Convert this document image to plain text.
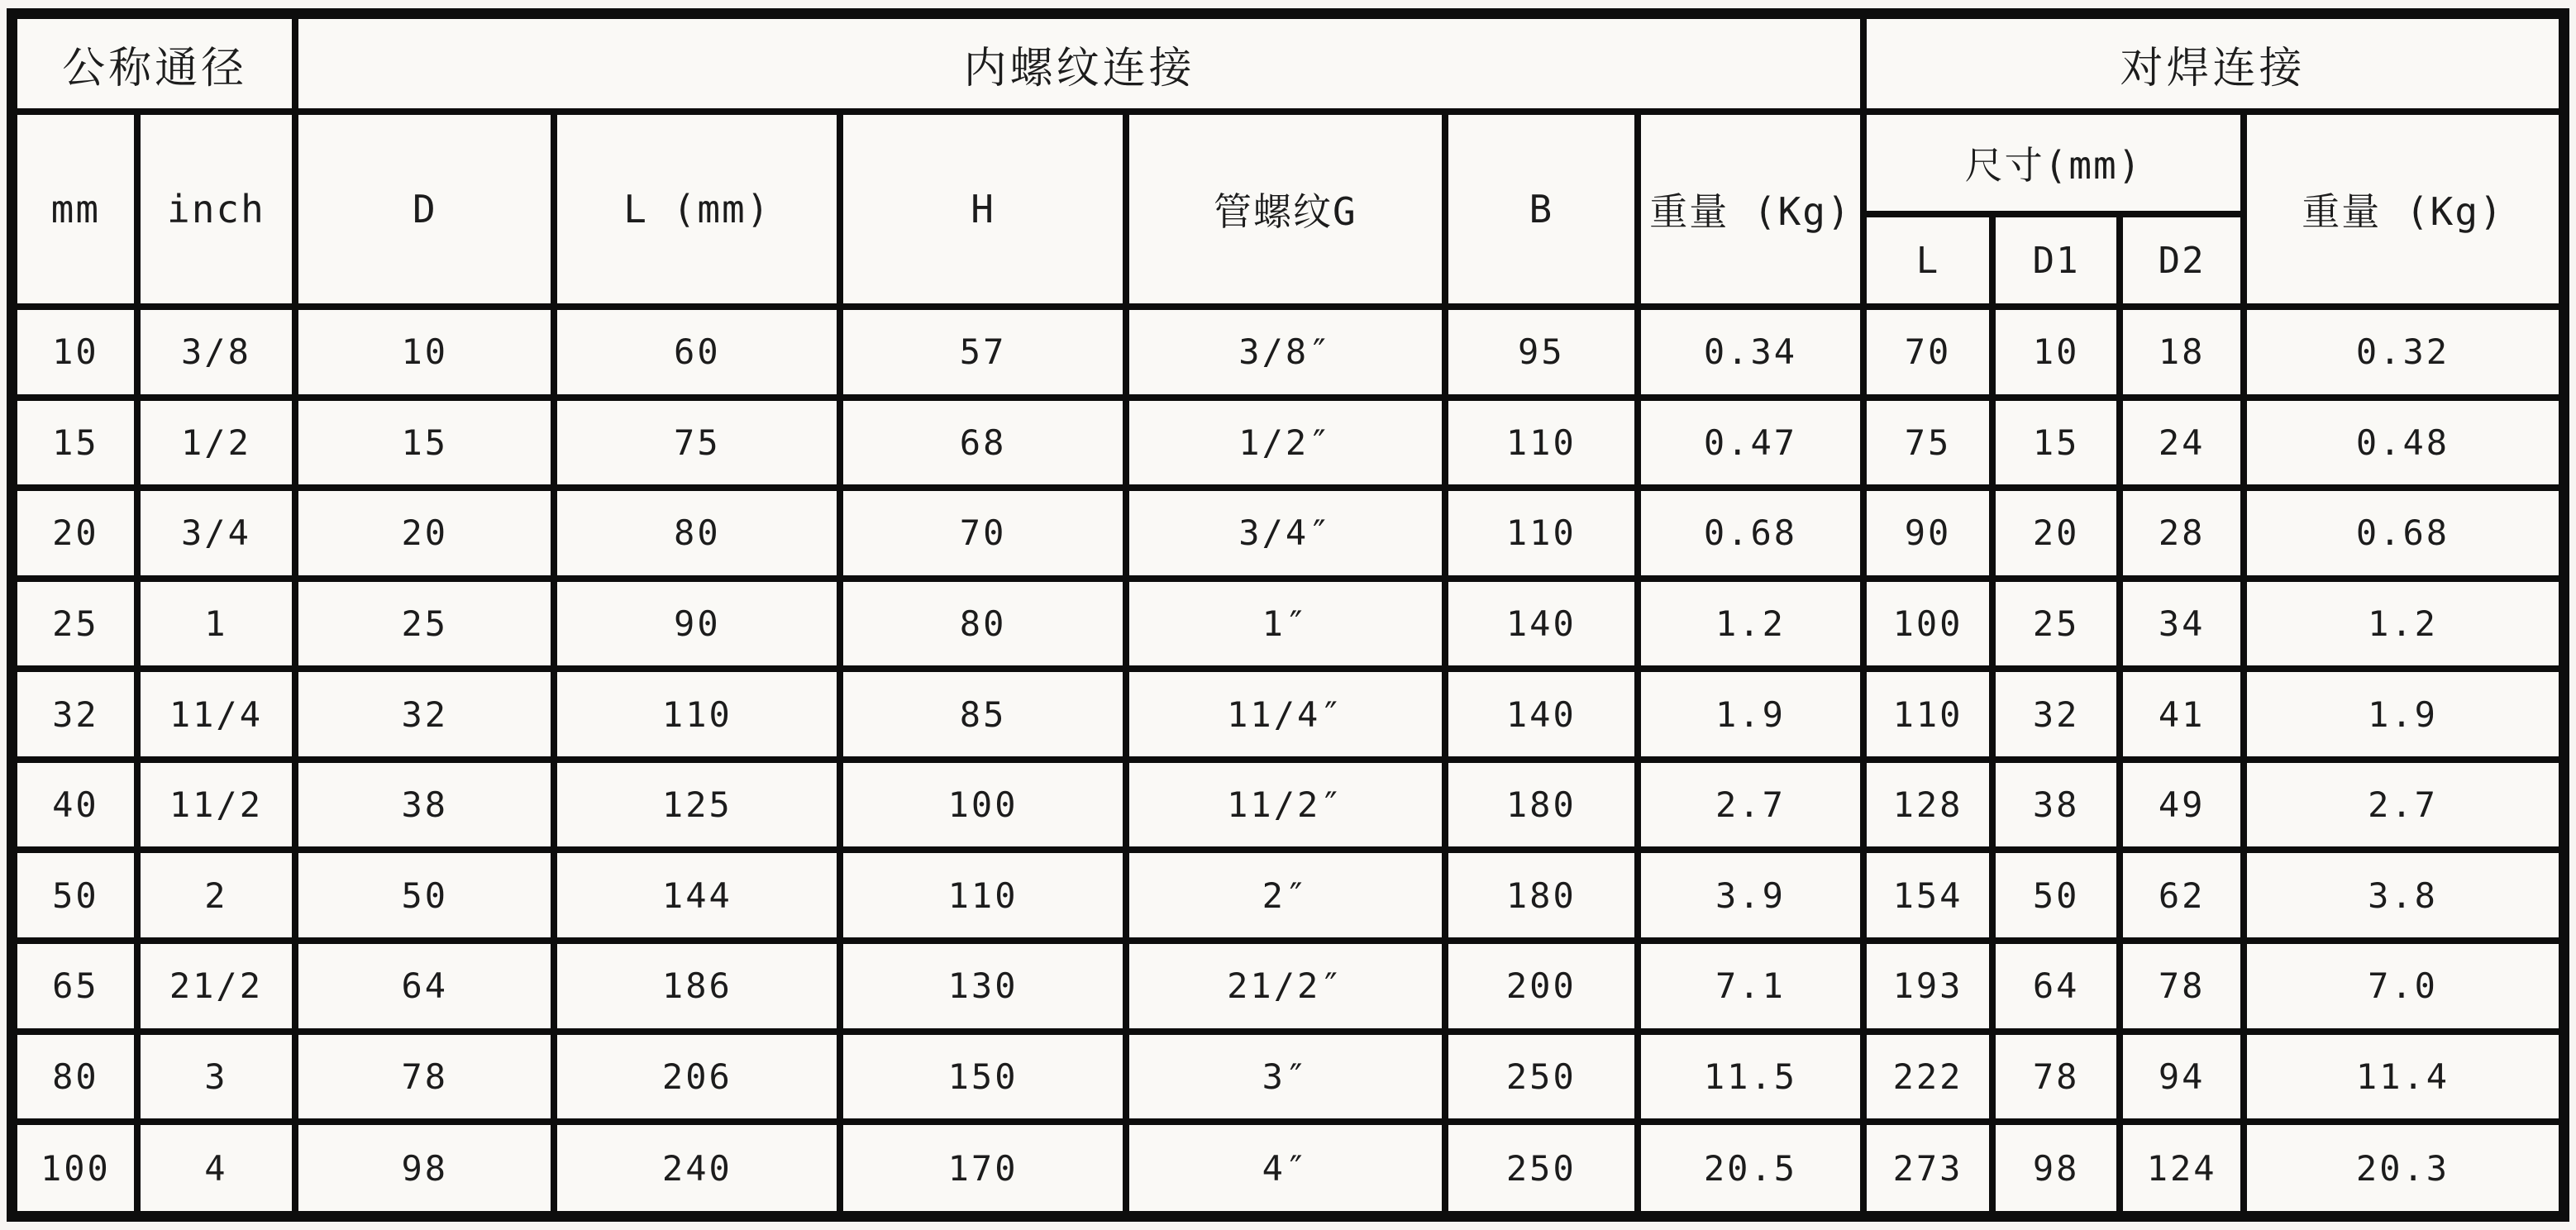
公称通径		内螺纹连接						对焊连接			
mm	inch	D	L (mm)	H	管螺纹G	B	重量 (Kg)	尺寸(mm)			重量 (Kg)
								L	D1	D2	
10	3/8	10	60	57	3/8″	95	0.34	70	10	18	0.32
15	1/2	15	75	68	1/2″	110	0.47	75	15	24	0.48
20	3/4	20	80	70	3/4″	110	0.68	90	20	28	0.68
25	1	25	90	80	1″	140	1.2	100	25	34	1.2
32	11/4	32	110	85	11/4″	140	1.9	110	32	41	1.9
40	11/2	38	125	100	11/2″	180	2.7	128	38	49	2.7
50	2	50	144	110	2″	180	3.9	154	50	62	3.8
65	21/2	64	186	130	21/2″	200	7.1	193	64	78	7.0
80	3	78	206	150	3″	250	11.5	222	78	94	11.4
100	4	98	240	170	4″	250	20.5	273	98	124	20.3
